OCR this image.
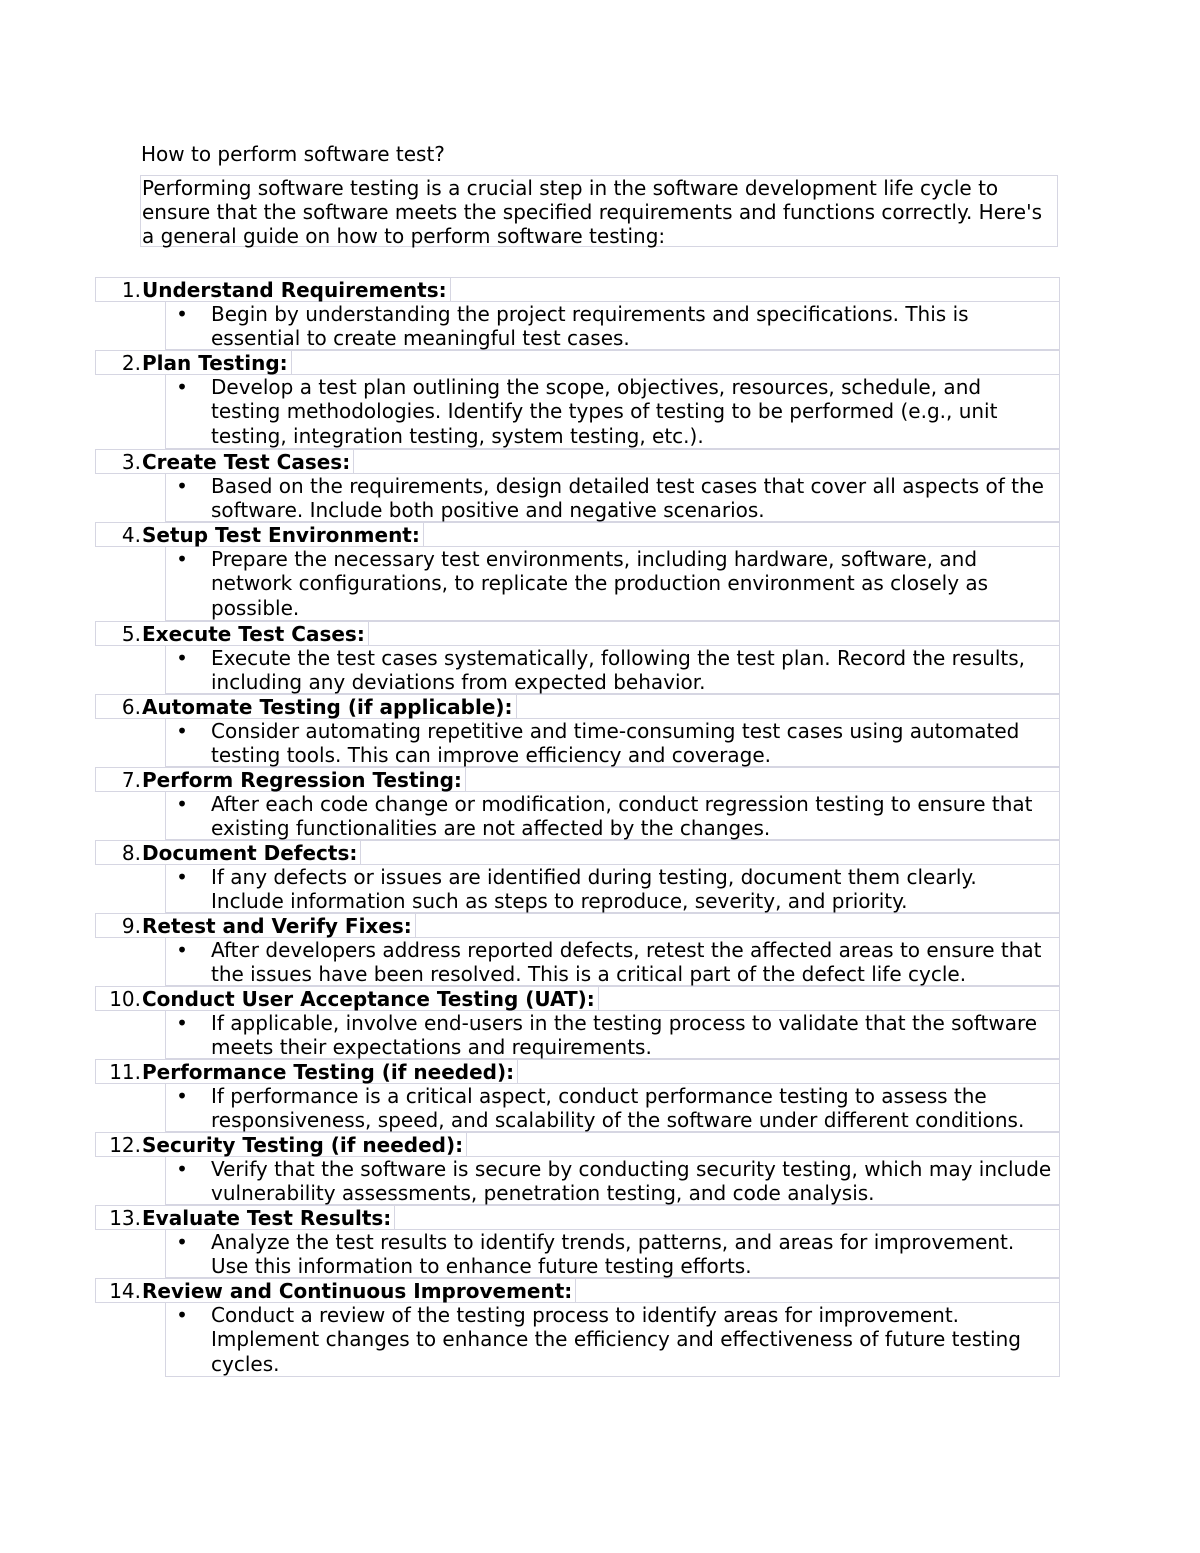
How to perform software test?

Performing software testing is a crucial step in the software development life cycle to ensure that the software meets the specified requirements and functions correctly. Here's a general guide on how to perform software testing:

1. Understand Requirements:
• Begin by understanding the project requirements and specifications. This is essential to create meaningful test cases.
2. Plan Testing:
• Develop a test plan outlining the scope, objectives, resources, schedule, and testing methodologies. Identify the types of testing to be performed (e.g., unit testing, integration testing, system testing, etc.).
3. Create Test Cases:
• Based on the requirements, design detailed test cases that cover all aspects of the software. Include both positive and negative scenarios.
4. Setup Test Environment:
• Prepare the necessary test environments, including hardware, software, and network configurations, to replicate the production environment as closely as possible.
5. Execute Test Cases:
• Execute the test cases systematically, following the test plan. Record the results, including any deviations from expected behavior.
6. Automate Testing (if applicable):
• Consider automating repetitive and time-consuming test cases using automated testing tools. This can improve efficiency and coverage.
7. Perform Regression Testing:
• After each code change or modification, conduct regression testing to ensure that existing functionalities are not affected by the changes.
8. Document Defects:
• If any defects or issues are identified during testing, document them clearly. Include information such as steps to reproduce, severity, and priority.
9. Retest and Verify Fixes:
• After developers address reported defects, retest the affected areas to ensure that the issues have been resolved. This is a critical part of the defect life cycle.
10. Conduct User Acceptance Testing (UAT):
• If applicable, involve end-users in the testing process to validate that the software meets their expectations and requirements.
11. Performance Testing (if needed):
• If performance is a critical aspect, conduct performance testing to assess the responsiveness, speed, and scalability of the software under different conditions.
12. Security Testing (if needed):
• Verify that the software is secure by conducting security testing, which may include vulnerability assessments, penetration testing, and code analysis.
13. Evaluate Test Results:
• Analyze the test results to identify trends, patterns, and areas for improvement. Use this information to enhance future testing efforts.
14. Review and Continuous Improvement:
• Conduct a review of the testing process to identify areas for improvement. Implement changes to enhance the efficiency and effectiveness of future testing cycles.
